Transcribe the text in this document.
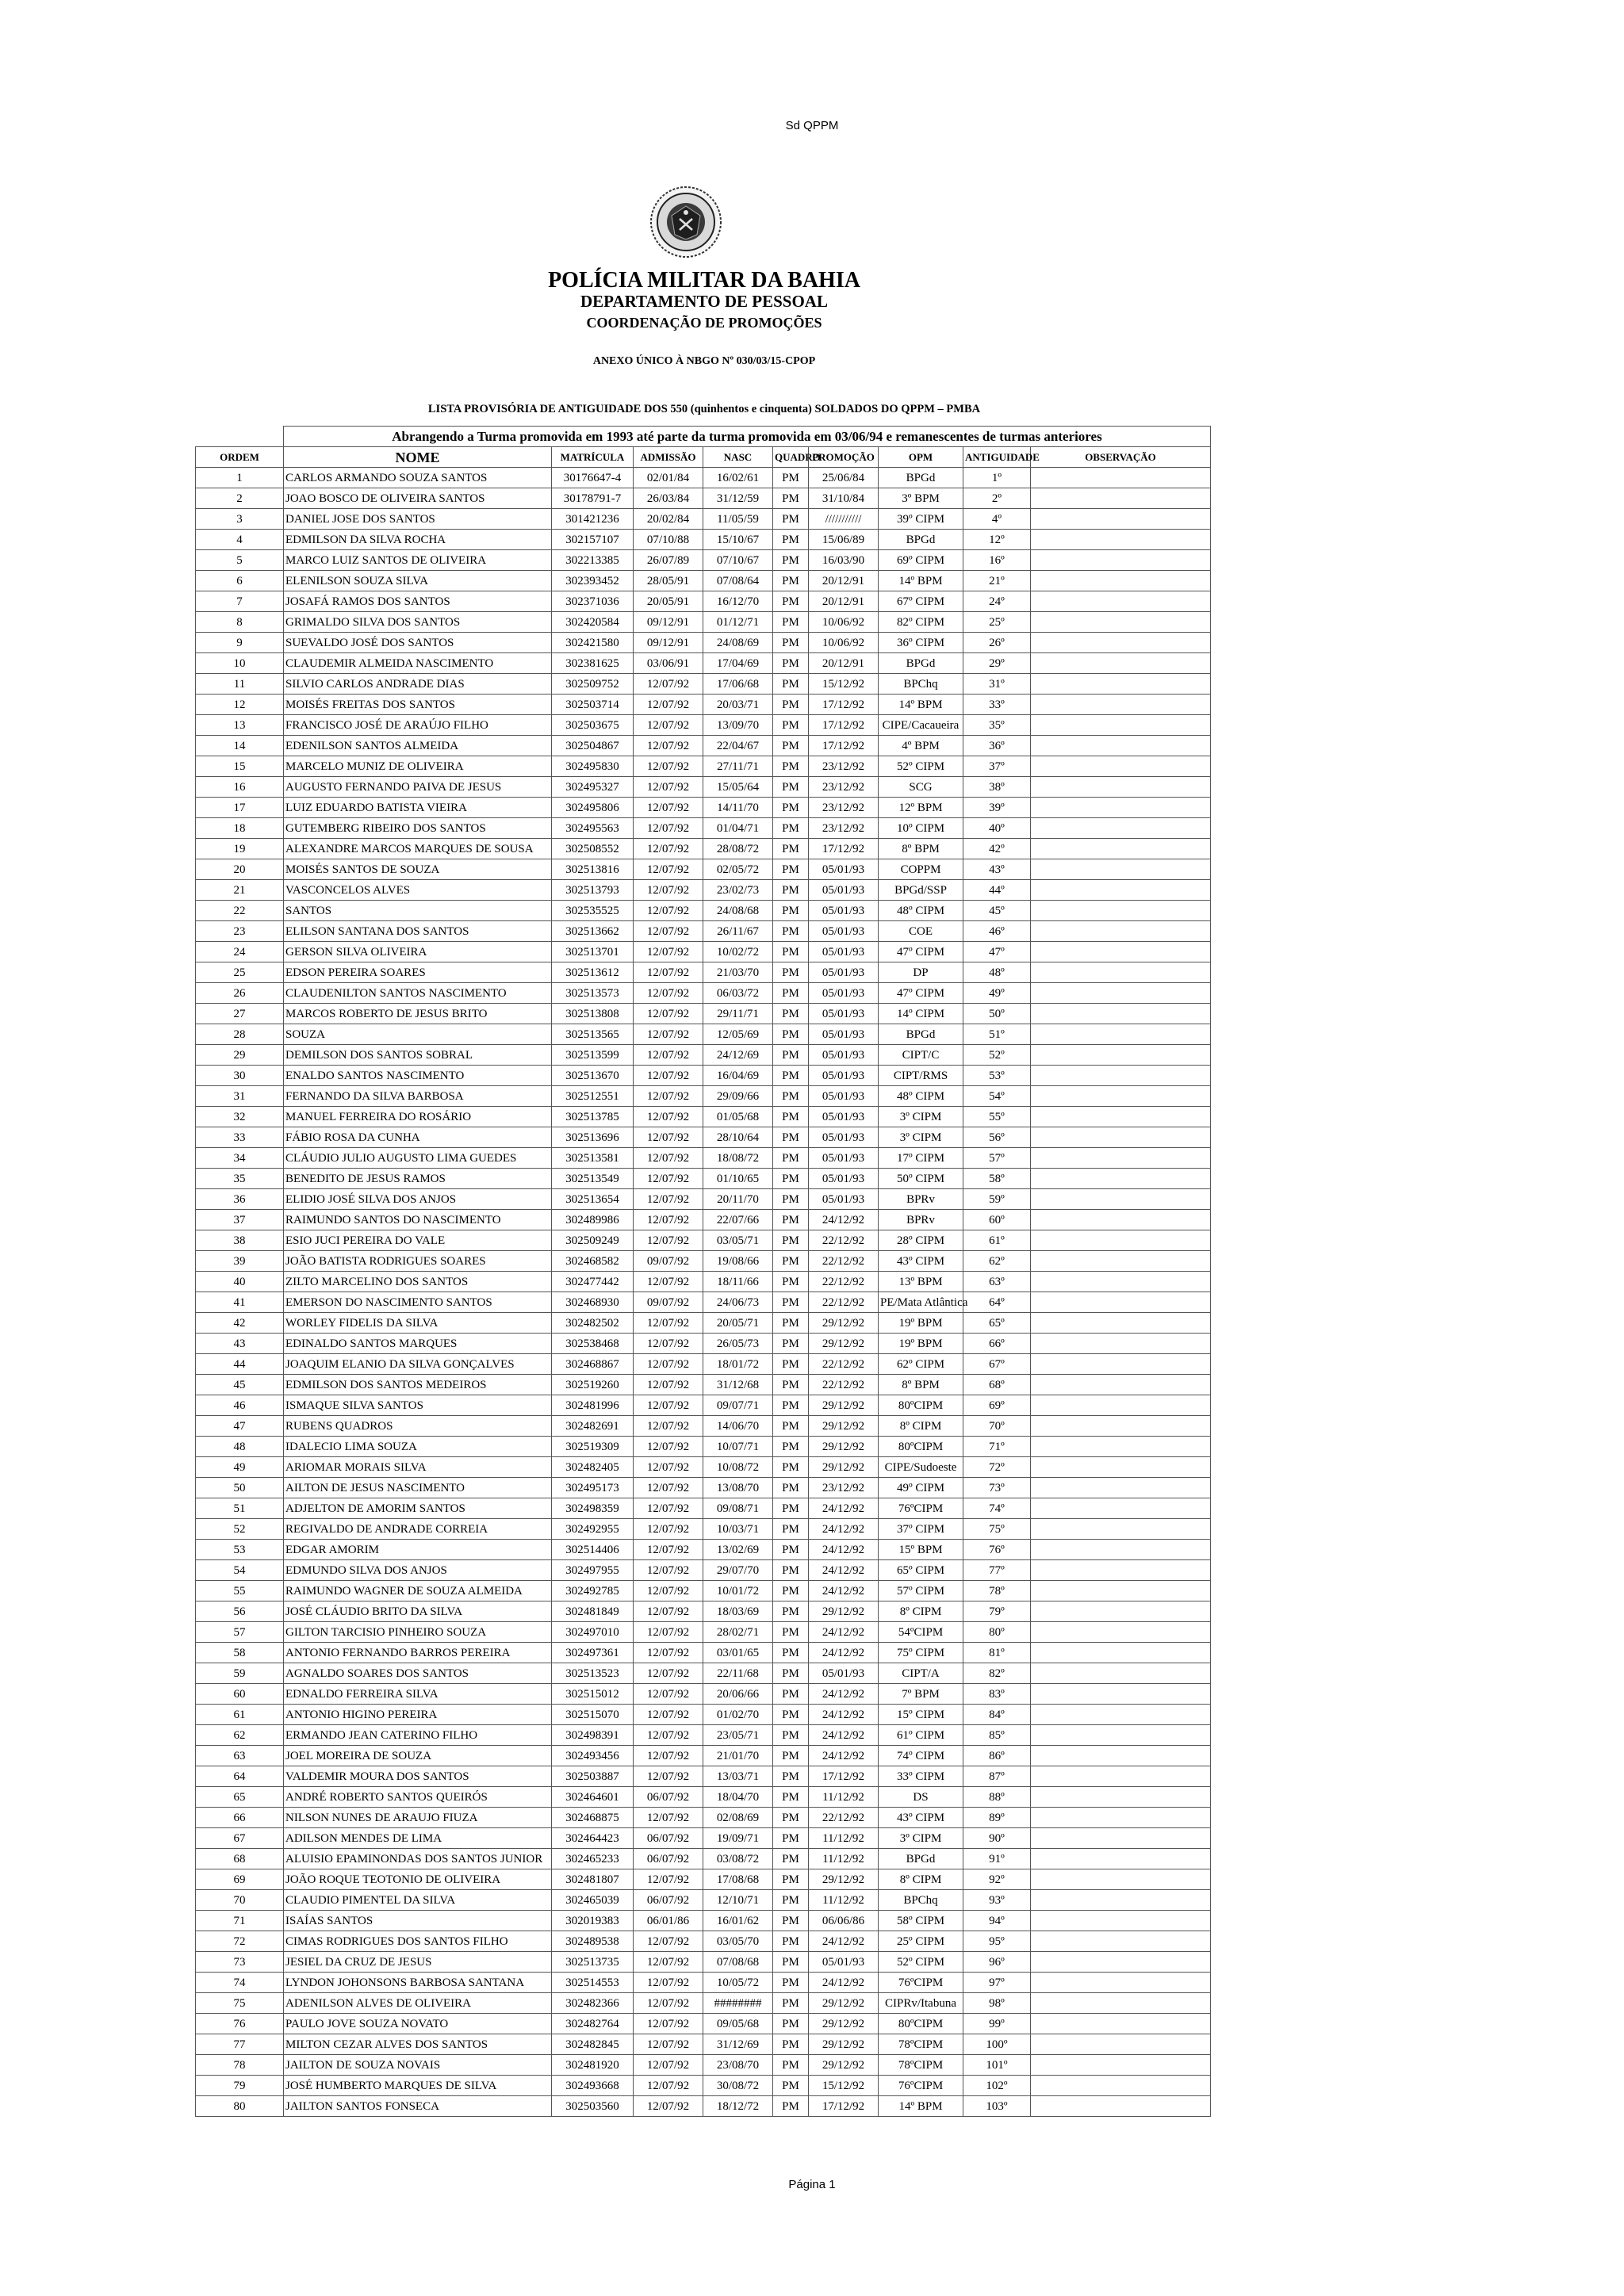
Sd QPPM
POLÍCIA MILITAR DA BAHIA
DEPARTAMENTO DE PESSOAL
COORDENAÇÃO DE PROMOÇÕES
ANEXO ÚNICO À NBGO Nº 030/03/15-CPOP
LISTA PROVISÓRIA DE ANTIGUIDADE DOS 550 (quinhentos e cinquenta) SOLDADOS DO QPPM – PMBA
	Abrangendo a Turma promovida em 1993 até parte da turma promovida em 03/06/94 e remanescentes de turmas anteriores								
ORDEM	NOME	MATRÍCULA	ADMISSÃO	NASC	QUADRO	PROMOÇÃO	OPM	ANTIGUIDADE	OBSERVAÇÃO
1	CARLOS ARMANDO SOUZA SANTOS	30176647-4	02/01/84	16/02/61	PM	25/06/84	BPGd	1º	
2	JOAO BOSCO DE OLIVEIRA SANTOS	30178791-7	26/03/84	31/12/59	PM	31/10/84	3º BPM	2º	
3	DANIEL JOSE DOS SANTOS	301421236	20/02/84	11/05/59	PM	///////////	39º CIPM	4º	
4	EDMILSON DA SILVA ROCHA	302157107	07/10/88	15/10/67	PM	15/06/89	BPGd	12º	
5	MARCO LUIZ SANTOS DE OLIVEIRA	302213385	26/07/89	07/10/67	PM	16/03/90	69º CIPM	16º	
6	ELENILSON SOUZA SILVA	302393452	28/05/91	07/08/64	PM	20/12/91	14º BPM	21º	
7	JOSAFÁ RAMOS DOS SANTOS	302371036	20/05/91	16/12/70	PM	20/12/91	67º CIPM	24º	
8	GRIMALDO SILVA DOS SANTOS	302420584	09/12/91	01/12/71	PM	10/06/92	82º CIPM	25º	
9	SUEVALDO JOSÉ DOS SANTOS	302421580	09/12/91	24/08/69	PM	10/06/92	36º CIPM	26º	
10	CLAUDEMIR ALMEIDA NASCIMENTO	302381625	03/06/91	17/04/69	PM	20/12/91	BPGd	29º	
11	SILVIO CARLOS ANDRADE DIAS	302509752	12/07/92	17/06/68	PM	15/12/92	BPChq	31º	
12	MOISÉS FREITAS DOS SANTOS	302503714	12/07/92	20/03/71	PM	17/12/92	14º BPM	33º	
13	FRANCISCO JOSÉ DE ARAÚJO FILHO	302503675	12/07/92	13/09/70	PM	17/12/92	CIPE/Cacaueira	35º	
14	EDENILSON SANTOS ALMEIDA	302504867	12/07/92	22/04/67	PM	17/12/92	4º BPM	36º	
15	MARCELO MUNIZ DE OLIVEIRA	302495830	12/07/92	27/11/71	PM	23/12/92	52º CIPM	37º	
16	AUGUSTO FERNANDO PAIVA DE JESUS	302495327	12/07/92	15/05/64	PM	23/12/92	SCG	38º	
17	LUIZ EDUARDO BATISTA VIEIRA	302495806	12/07/92	14/11/70	PM	23/12/92	12º BPM	39º	
18	GUTEMBERG RIBEIRO DOS SANTOS	302495563	12/07/92	01/04/71	PM	23/12/92	10º CIPM	40º	
19	ALEXANDRE MARCOS MARQUES DE SOUSA	302508552	12/07/92	28/08/72	PM	17/12/92	8º BPM	42º	
20	MOISÉS SANTOS DE SOUZA	302513816	12/07/92	02/05/72	PM	05/01/93	COPPM	43º	
21	VASCONCELOS ALVES	302513793	12/07/92	23/02/73	PM	05/01/93	BPGd/SSP	44º	
22	SANTOS	302535525	12/07/92	24/08/68	PM	05/01/93	48º CIPM	45º	
23	ELILSON SANTANA DOS SANTOS	302513662	12/07/92	26/11/67	PM	05/01/93	COE	46º	
24	GERSON SILVA OLIVEIRA	302513701	12/07/92	10/02/72	PM	05/01/93	47º CIPM	47º	
25	EDSON PEREIRA SOARES	302513612	12/07/92	21/03/70	PM	05/01/93	DP	48º	
26	CLAUDENILTON SANTOS NASCIMENTO	302513573	12/07/92	06/03/72	PM	05/01/93	47º CIPM	49º	
27	MARCOS ROBERTO DE JESUS BRITO	302513808	12/07/92	29/11/71	PM	05/01/93	14º CIPM	50º	
28	SOUZA	302513565	12/07/92	12/05/69	PM	05/01/93	BPGd	51º	
29	DEMILSON DOS SANTOS SOBRAL	302513599	12/07/92	24/12/69	PM	05/01/93	CIPT/C	52º	
30	ENALDO SANTOS NASCIMENTO	302513670	12/07/92	16/04/69	PM	05/01/93	CIPT/RMS	53º	
31	FERNANDO DA SILVA BARBOSA	302512551	12/07/92	29/09/66	PM	05/01/93	48º CIPM	54º	
32	MANUEL FERREIRA DO ROSÁRIO	302513785	12/07/92	01/05/68	PM	05/01/93	3º CIPM	55º	
33	FÁBIO ROSA DA CUNHA	302513696	12/07/92	28/10/64	PM	05/01/93	3º CIPM	56º	
34	CLÁUDIO JULIO AUGUSTO LIMA GUEDES	302513581	12/07/92	18/08/72	PM	05/01/93	17º CIPM	57º	
35	BENEDITO DE JESUS RAMOS	302513549	12/07/92	01/10/65	PM	05/01/93	50º CIPM	58º	
36	ELIDIO JOSÉ SILVA DOS ANJOS	302513654	12/07/92	20/11/70	PM	05/01/93	BPRv	59º	
37	RAIMUNDO SANTOS DO NASCIMENTO	302489986	12/07/92	22/07/66	PM	24/12/92	BPRv	60º	
38	ESIO JUCI PEREIRA DO VALE	302509249	12/07/92	03/05/71	PM	22/12/92	28º CIPM	61º	
39	JOÃO BATISTA RODRIGUES SOARES	302468582	09/07/92	19/08/66	PM	22/12/92	43º CIPM	62º	
40	ZILTO MARCELINO DOS SANTOS	302477442	12/07/92	18/11/66	PM	22/12/92	13º BPM	63º	
41	EMERSON DO NASCIMENTO SANTOS	302468930	09/07/92	24/06/73	PM	22/12/92	PE/Mata Atlântica	64º	
42	WORLEY FIDELIS DA SILVA	302482502	12/07/92	20/05/71	PM	29/12/92	19º BPM	65º	
43	EDINALDO SANTOS MARQUES	302538468	12/07/92	26/05/73	PM	29/12/92	19º BPM	66º	
44	JOAQUIM ELANIO DA SILVA GONÇALVES	302468867	12/07/92	18/01/72	PM	22/12/92	62º CIPM	67º	
45	EDMILSON DOS SANTOS MEDEIROS	302519260	12/07/92	31/12/68	PM	22/12/92	8º BPM	68º	
46	ISMAQUE SILVA SANTOS	302481996	12/07/92	09/07/71	PM	29/12/92	80ºCIPM	69º	
47	RUBENS QUADROS	302482691	12/07/92	14/06/70	PM	29/12/92	8º CIPM	70º	
48	IDALECIO LIMA SOUZA	302519309	12/07/92	10/07/71	PM	29/12/92	80ºCIPM	71º	
49	ARIOMAR MORAIS SILVA	302482405	12/07/92	10/08/72	PM	29/12/92	CIPE/Sudoeste	72º	
50	AILTON DE JESUS NASCIMENTO	302495173	12/07/92	13/08/70	PM	23/12/92	49º CIPM	73º	
51	ADJELTON DE AMORIM SANTOS	302498359	12/07/92	09/08/71	PM	24/12/92	76ºCIPM	74º	
52	REGIVALDO DE ANDRADE CORREIA	302492955	12/07/92	10/03/71	PM	24/12/92	37º CIPM	75º	
53	EDGAR AMORIM	302514406	12/07/92	13/02/69	PM	24/12/92	15º BPM	76º	
54	EDMUNDO SILVA DOS ANJOS	302497955	12/07/92	29/07/70	PM	24/12/92	65º CIPM	77º	
55	RAIMUNDO WAGNER DE SOUZA ALMEIDA	302492785	12/07/92	10/01/72	PM	24/12/92	57º CIPM	78º	
56	JOSÉ CLÁUDIO BRITO DA SILVA	302481849	12/07/92	18/03/69	PM	29/12/92	8º CIPM	79º	
57	GILTON TARCISIO PINHEIRO SOUZA	302497010	12/07/92	28/02/71	PM	24/12/92	54ºCIPM	80º	
58	ANTONIO FERNANDO BARROS PEREIRA	302497361	12/07/92	03/01/65	PM	24/12/92	75º CIPM	81º	
59	AGNALDO SOARES DOS SANTOS	302513523	12/07/92	22/11/68	PM	05/01/93	CIPT/A	82º	
60	EDNALDO FERREIRA SILVA	302515012	12/07/92	20/06/66	PM	24/12/92	7º BPM	83º	
61	ANTONIO HIGINO PEREIRA	302515070	12/07/92	01/02/70	PM	24/12/92	15º CIPM	84º	
62	ERMANDO JEAN CATERINO FILHO	302498391	12/07/92	23/05/71	PM	24/12/92	61º CIPM	85º	
63	JOEL MOREIRA DE SOUZA	302493456	12/07/92	21/01/70	PM	24/12/92	74º CIPM	86º	
64	VALDEMIR MOURA DOS SANTOS	302503887	12/07/92	13/03/71	PM	17/12/92	33º CIPM	87º	
65	ANDRÉ ROBERTO SANTOS QUEIRÓS	302464601	06/07/92	18/04/70	PM	11/12/92	DS	88º	
66	NILSON NUNES DE ARAUJO FIUZA	302468875	12/07/92	02/08/69	PM	22/12/92	43º CIPM	89º	
67	ADILSON MENDES DE LIMA	302464423	06/07/92	19/09/71	PM	11/12/92	3º CIPM	90º	
68	ALUISIO EPAMINONDAS DOS SANTOS JUNIOR	302465233	06/07/92	03/08/72	PM	11/12/92	BPGd	91º	
69	JOÃO ROQUE TEOTONIO DE OLIVEIRA	302481807	12/07/92	17/08/68	PM	29/12/92	8º CIPM	92º	
70	CLAUDIO PIMENTEL DA SILVA	302465039	06/07/92	12/10/71	PM	11/12/92	BPChq	93º	
71	ISAÍAS SANTOS	302019383	06/01/86	16/01/62	PM	06/06/86	58º CIPM	94º	
72	CIMAS RODRIGUES DOS SANTOS FILHO	302489538	12/07/92	03/05/70	PM	24/12/92	25º CIPM	95º	
73	JESIEL DA CRUZ DE JESUS	302513735	12/07/92	07/08/68	PM	05/01/93	52º CIPM	96º	
74	LYNDON JOHONSONS BARBOSA SANTANA	302514553	12/07/92	10/05/72	PM	24/12/92	76ºCIPM	97º	
75	ADENILSON ALVES DE OLIVEIRA	302482366	12/07/92	########	PM	29/12/92	CIPRv/Itabuna	98º	
76	PAULO JOVE SOUZA NOVATO	302482764	12/07/92	09/05/68	PM	29/12/92	80ºCIPM	99º	
77	MILTON CEZAR ALVES DOS SANTOS	302482845	12/07/92	31/12/69	PM	29/12/92	78ºCIPM	100º	
78	JAILTON DE SOUZA NOVAIS	302481920	12/07/92	23/08/70	PM	29/12/92	78ºCIPM	101º	
79	JOSÉ HUMBERTO MARQUES DE SILVA	302493668	12/07/92	30/08/72	PM	15/12/92	76ºCIPM	102º	
80	JAILTON SANTOS FONSECA	302503560	12/07/92	18/12/72	PM	17/12/92	14º BPM	103º	
Página 1
